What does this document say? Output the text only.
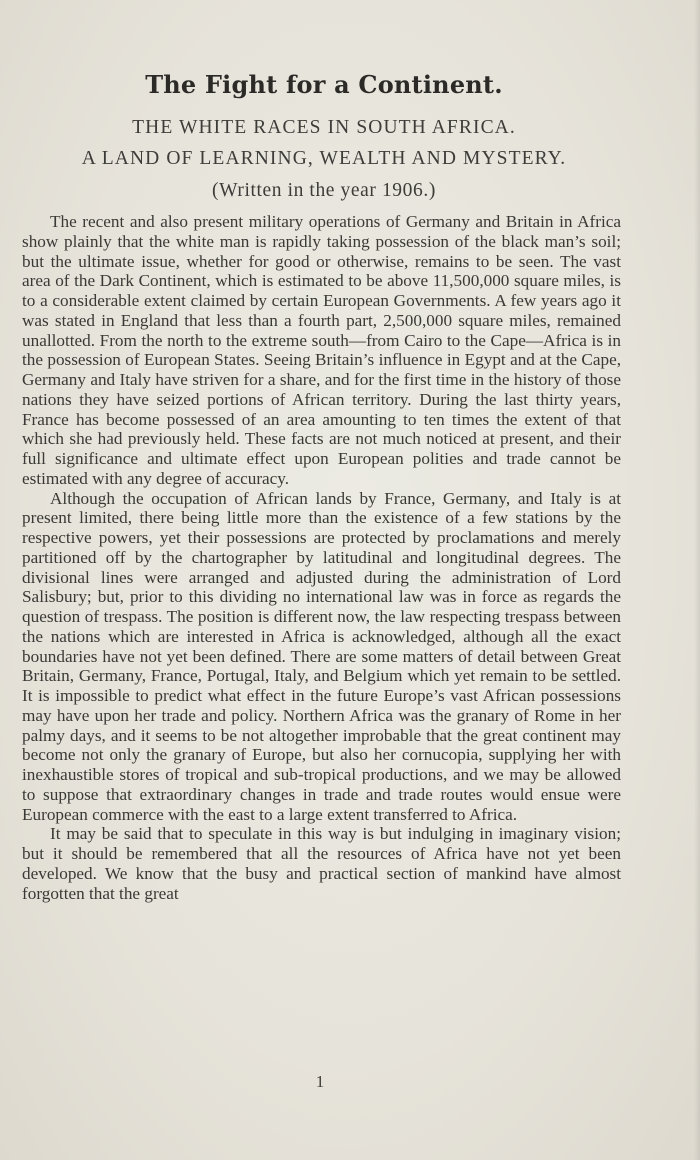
The Fight for a Continent.
THE WHITE RACES IN SOUTH AFRICA.
A LAND OF LEARNING, WEALTH AND MYSTERY.
(Written in the year 1906.)

The recent and also present military operations of Germany and Britain in Africa show plainly that the white man is rapidly taking possession of the black man’s soil; but the ultimate issue, whether for good or otherwise, remains to be seen. The vast area of the Dark Continent, which is estimated to be above 11,500,000 square miles, is to a considerable extent claimed by certain European Governments. A few years ago it was stated in England that less than a fourth part, 2,500,000 square miles, remained unallotted. From the north to the extreme south—from Cairo to the Cape—Africa is in the possession of European States. Seeing Britain’s influence in Egypt and at the Cape, Germany and Italy have striven for a share, and for the first time in the history of those nations they have seized portions of African territory. During the last thirty years, France has become possessed of an area amounting to ten times the extent of that which she had previously held. These facts are not much noticed at present, and their full significance and ultimate effect upon European polities and trade cannot be estimated with any degree of accuracy.

Although the occupation of African lands by France, Germany, and Italy is at present limited, there being little more than the existence of a few stations by the respective powers, yet their possessions are protected by proclamations and merely partitioned off by the chartographer by latitudinal and longitudinal degrees. The divisional lines were arranged and adjusted during the administration of Lord Salisbury; but, prior to this dividing no international law was in force as regards the question of trespass. The position is different now, the law respecting trespass between the nations which are interested in Africa is acknowledged, although all the exact boundaries have not yet been defined. There are some matters of detail between Great Britain, Germany, France, Portugal, Italy, and Belgium which yet remain to be settled. It is impossible to predict what effect in the future Europe’s vast African possessions may have upon her trade and policy. Northern Africa was the granary of Rome in her palmy days, and it seems to be not altogether improbable that the great continent may become not only the granary of Europe, but also her cornucopia, supplying her with inexhaustible stores of tropical and sub-tropical productions, and we may be allowed to suppose that extraordinary changes in trade and trade routes would ensue were European commerce with the east to a large extent transferred to Africa.

It may be said that to speculate in this way is but indulging in imaginary vision; but it should be remembered that all the resources of Africa have not yet been developed. We know that the busy and practical section of mankind have almost forgotten that the great

1
